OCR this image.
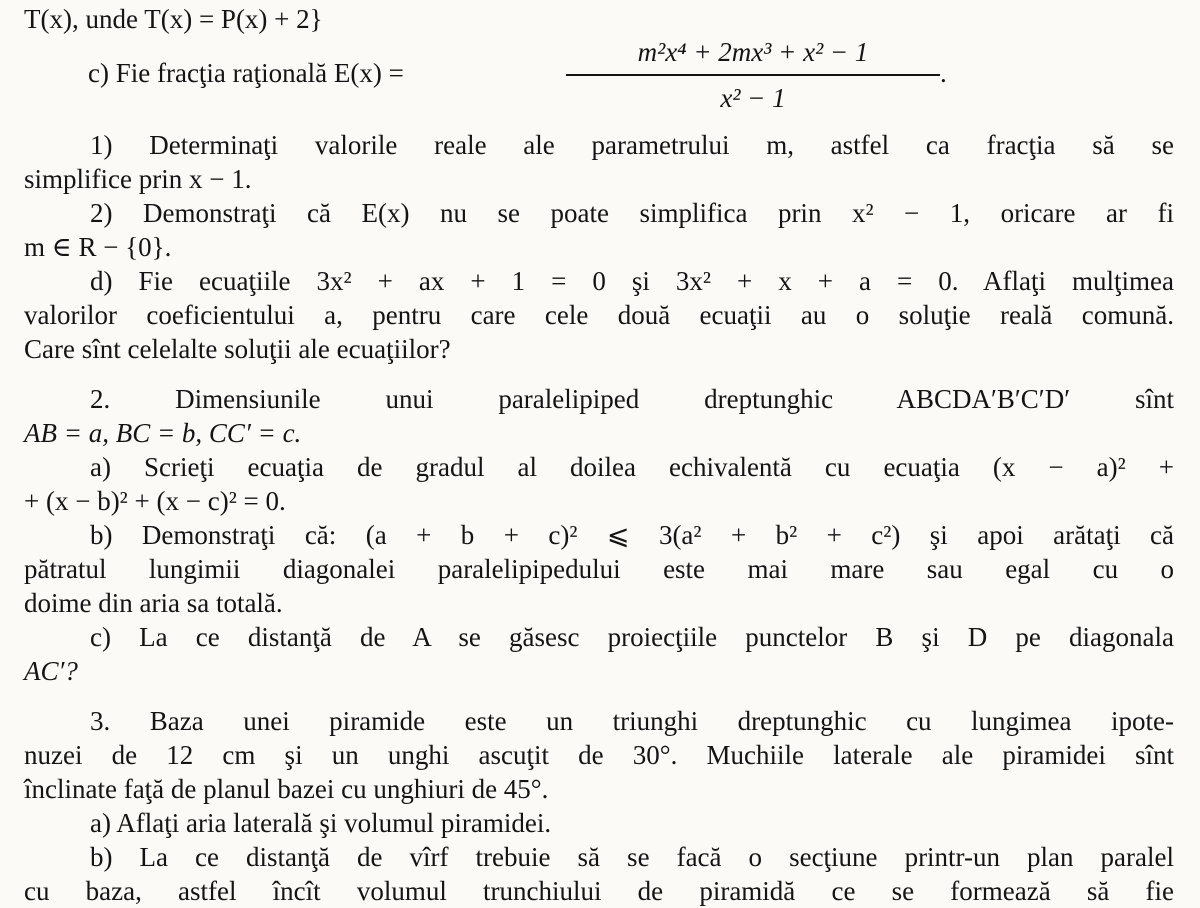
T(x), unde T(x) = P(x) + 2}
c) Fie fracţia raţională E(x) =
m²x⁴ + 2mx³ + x² − 1
x² − 1
.
1) Determinaţi valorile reale ale parametrului m, astfel ca fracţia să se
simplifice prin x − 1.
2) Demonstraţi că E(x) nu se poate simplifica prin x² − 1, oricare ar fi
m ∈ R − {0}.
d) Fie ecuaţiile 3x² + ax + 1 = 0 şi 3x² + x + a = 0. Aflaţi mulţimea
valorilor coeficientului a, pentru care cele două ecuaţii au o soluţie reală comună.
Care sînt celelalte soluţii ale ecuaţiilor?
2. Dimensiunile unui paralelipiped dreptunghic ABCDA′B′C′D′ sînt
AB = a, BC = b, CC′ = c.
a) Scrieţi ecuaţia de gradul al doilea echivalentă cu ecuaţia (x − a)² +
+ (x − b)² + (x − c)² = 0.
b) Demonstraţi că: (a + b + c)² ⩽ 3(a² + b² + c²) şi apoi arătaţi că
pătratul lungimii diagonalei paralelipipedului este mai mare sau egal cu o
doime din aria sa totală.
c) La ce distanţă de A se găsesc proiecţiile punctelor B şi D pe diagonala
AC′?
3. Baza unei piramide este un triunghi dreptunghic cu lungimea ipote-
nuzei de 12 cm şi un unghi ascuţit de 30°. Muchiile laterale ale piramidei sînt
înclinate faţă de planul bazei cu unghiuri de 45°.
a) Aflaţi aria laterală şi volumul piramidei.
b) La ce distanţă de vîrf trebuie să se facă o secţiune printr-un plan paralel
cu baza, astfel încît volumul trunchiului de piramidă ce se formează să fie
